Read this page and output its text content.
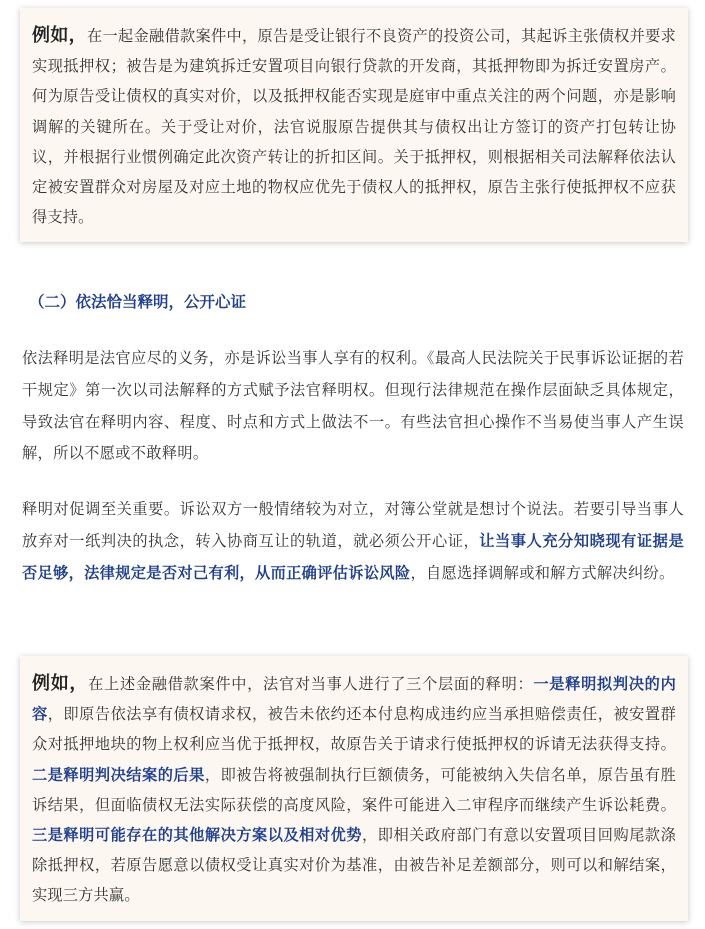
例如，在一起金融借款案件中，原告是受让银行不良资产的投资公司，其起诉主张债权并要求实现抵押权；被告是为建筑拆迁安置项目向银行贷款的开发商，其抵押物即为拆迁安置房产。何为原告受让债权的真实对价，以及抵押权能否实现是庭审中重点关注的两个问题，亦是影响调解的关键所在。关于受让对价，法官说服原告提供其与债权出让方签订的资产打包转让协议，并根据行业惯例确定此次资产转让的折扣区间。关于抵押权，则根据相关司法解释依法认定被安置群众对房屋及对应土地的物权应优先于债权人的抵押权，原告主张行使抵押权不应获得支持。

（二）依法恰当释明，公开心证

依法释明是法官应尽的义务，亦是诉讼当事人享有的权利。《最高人民法院关于民事诉讼证据的若干规定》第一次以司法解释的方式赋予法官释明权。但现行法律规范在操作层面缺乏具体规定，导致法官在释明内容、程度、时点和方式上做法不一。有些法官担心操作不当易使当事人产生误解，所以不愿或不敢释明。

释明对促调至关重要。诉讼双方一般情绪较为对立，对簿公堂就是想讨个说法。若要引导当事人放弃对一纸判决的执念，转入协商互让的轨道，就必须公开心证，让当事人充分知晓现有证据是否足够，法律规定是否对己有利，从而正确评估诉讼风险，自愿选择调解或和解方式解决纠纷。

例如，在上述金融借款案件中，法官对当事人进行了三个层面的释明：一是释明拟判决的内容，即原告依法享有债权请求权，被告未依约还本付息构成违约应当承担赔偿责任，被安置群众对抵押地块的物上权利应当优于抵押权，故原告关于请求行使抵押权的诉请无法获得支持。二是释明判决结案的后果，即被告将被强制执行巨额债务，可能被纳入失信名单，原告虽有胜诉结果，但面临债权无法实际获偿的高度风险，案件可能进入二审程序而继续产生诉讼耗费。三是释明可能存在的其他解决方案以及相对优势，即相关政府部门有意以安置项目回购尾款涤除抵押权，若原告愿意以债权受让真实对价为基准，由被告补足差额部分，则可以和解结案，实现三方共赢。
